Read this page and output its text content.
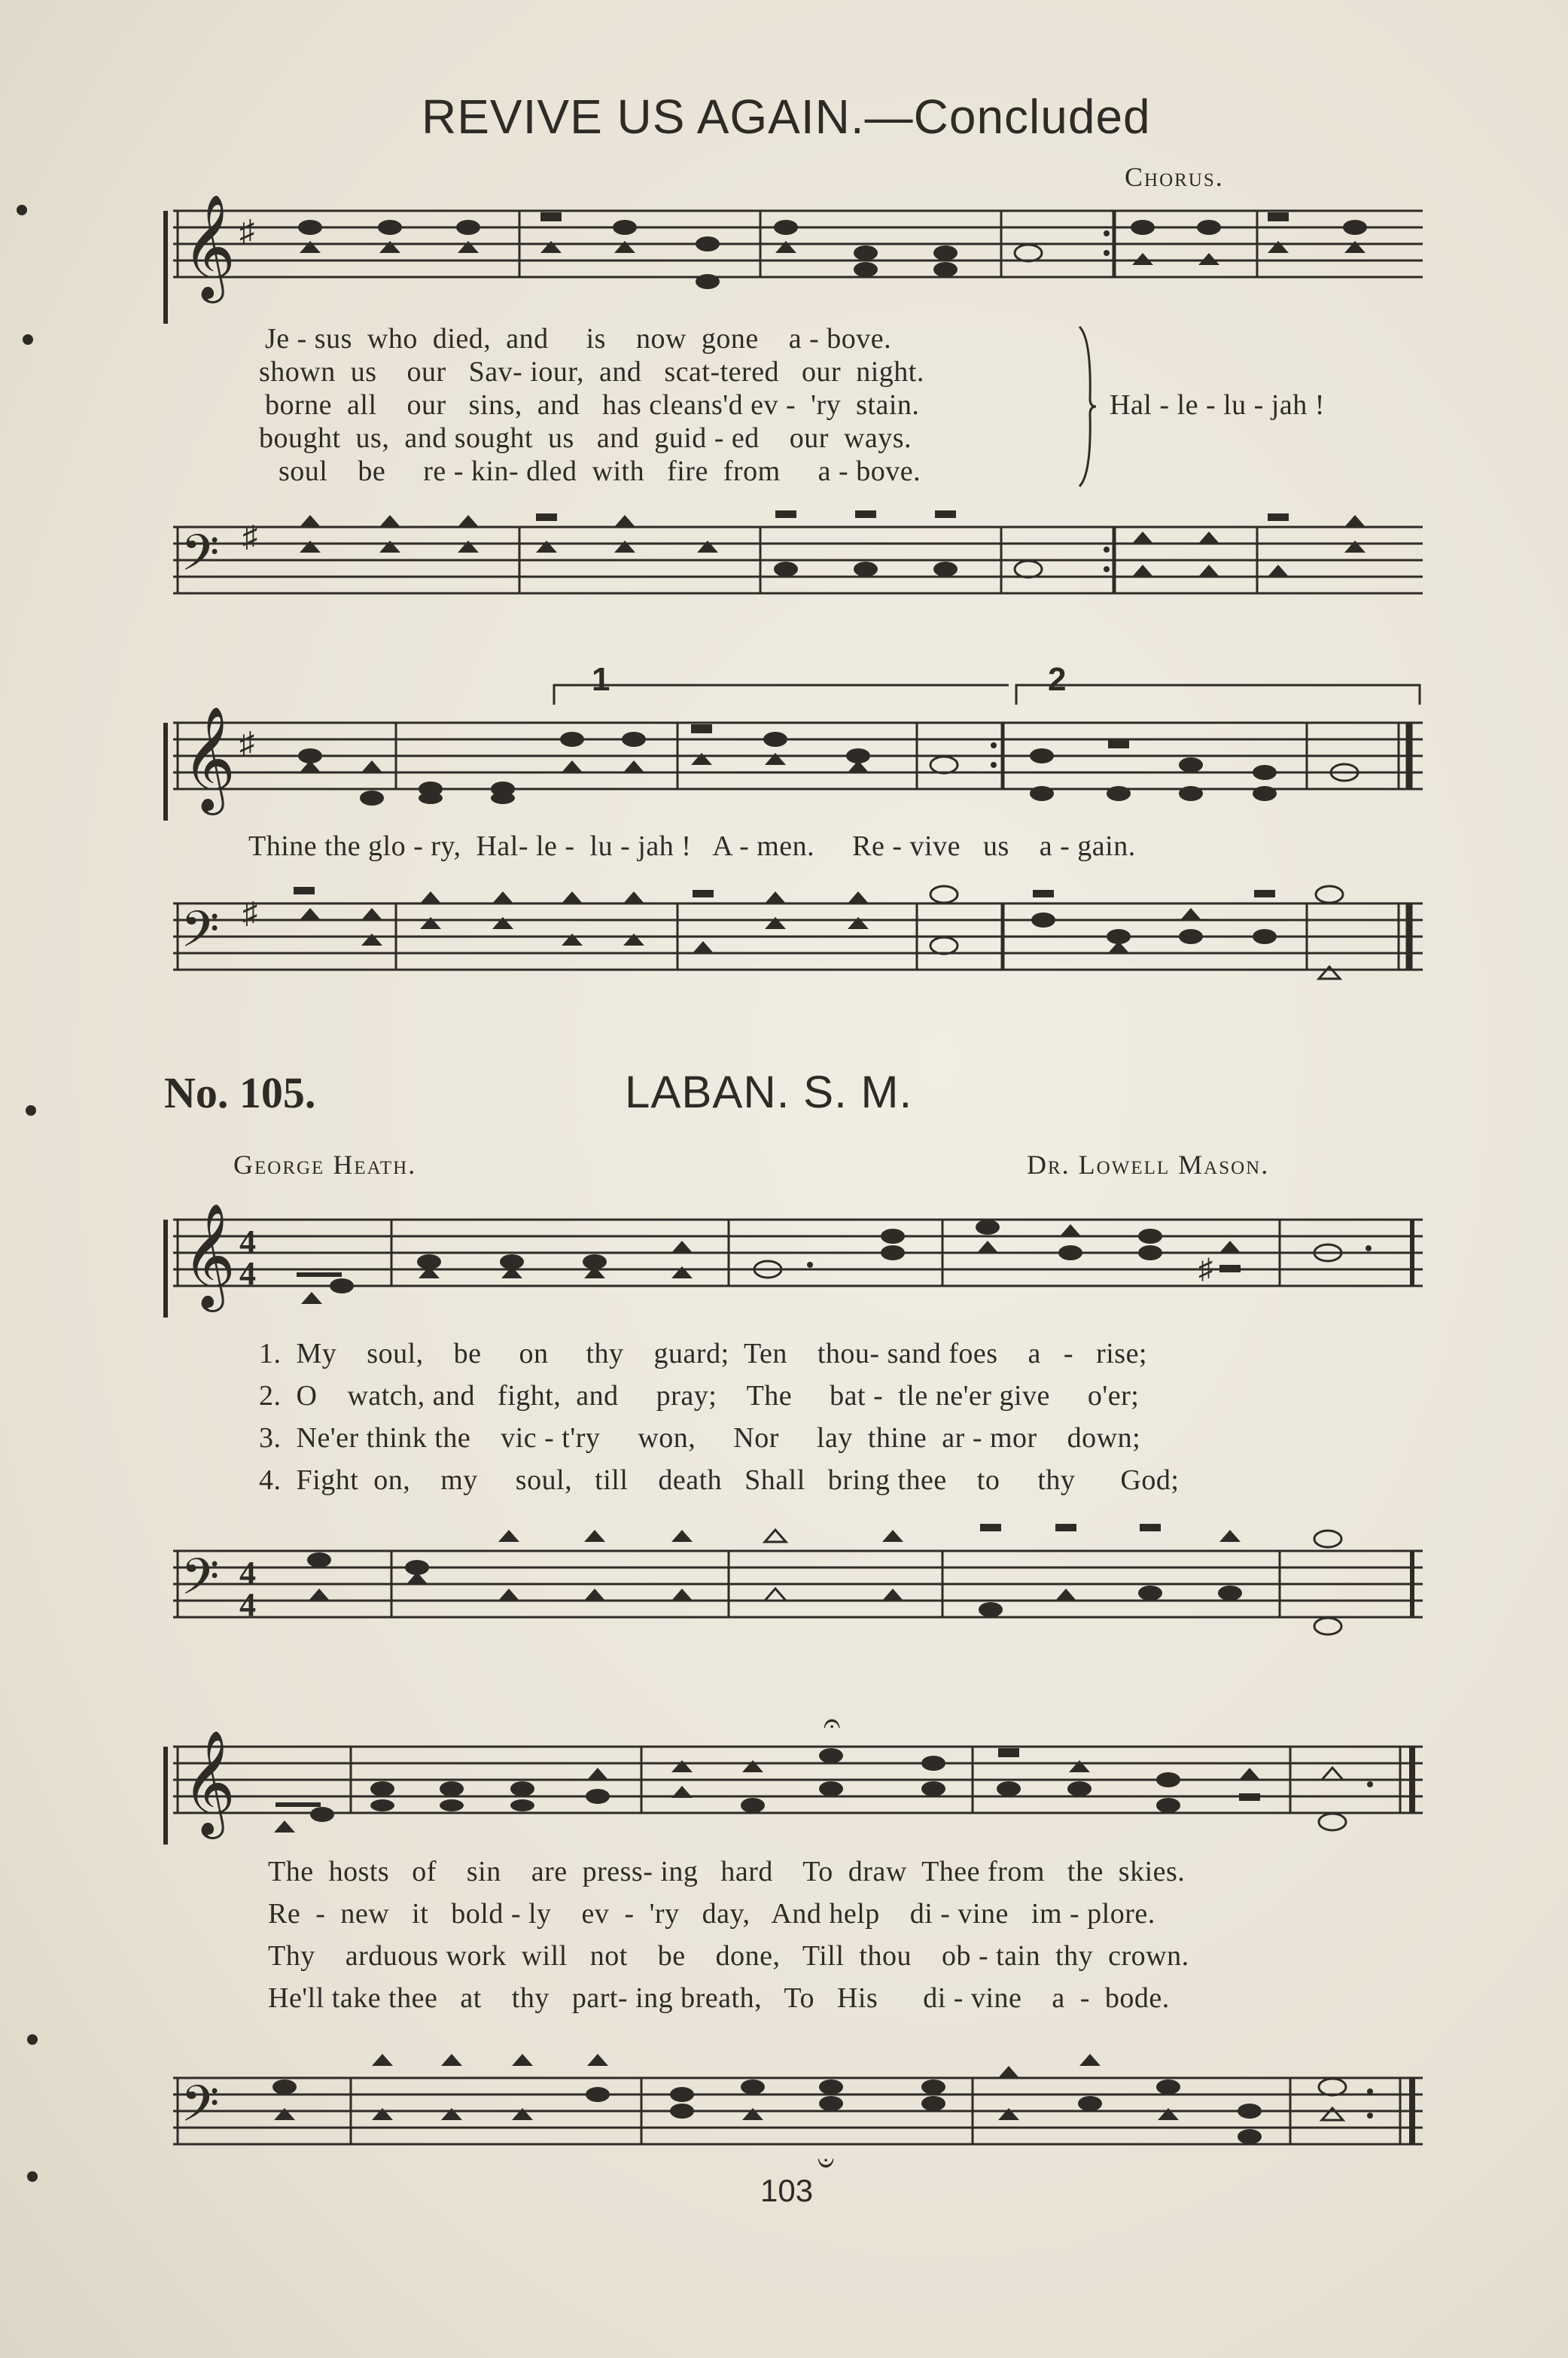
REVIVE US AGAIN.—Concluded
Chorus.
𝄞 ♯
Je - sus  who  died,  and     is    now  gone    a - bove.
shown  us    our   Sav- iour,  and   scat-tered   our  night.
borne  all    our   sins,  and   has cleans'd ev -  'ry  stain.
bought  us,  and sought  us   and  guid - ed    our  ways.
soul    be     re - kin- dled  with   fire  from     a - bove.
Hal - le - lu - jah !
𝄢 ♯
1	2
𝄞 ♯
Thine the glo - ry,  Hal- le -  lu - jah !   A - men.     Re - vive   us    a - gain.
𝄢 ♯
No. 105.	LABAN. S. M.
George Heath.	Dr. Lowell Mason.
𝄞 4
4	♯
1.  My    soul,    be     on     thy    guard;  Ten    thou- sand foes    a   -   rise;
2.  O    watch, and   fight,  and     pray;    The     bat -  tle ne'er give     o'er;
3.  Ne'er think the    vic - t'ry     won,     Nor     lay  thine  ar - mor    down;
4.  Fight  on,    my     soul,   till    death   Shall   bring thee    to     thy      God;
𝄢 4
4
𝄞
𝄐
The  hosts   of    sin    are  press- ing   hard    To  draw  Thee from   the  skies.
Re  -  new   it   bold - ly    ev  -  'ry   day,   And help    di - vine   im - plore.
Thy    arduous work  will   not    be    done,   Till  thou    ob - tain  thy  crown.
He'll take thee   at    thy   part- ing breath,   To   His      di - vine    a  -  bode.
𝄢
𝄑
103
